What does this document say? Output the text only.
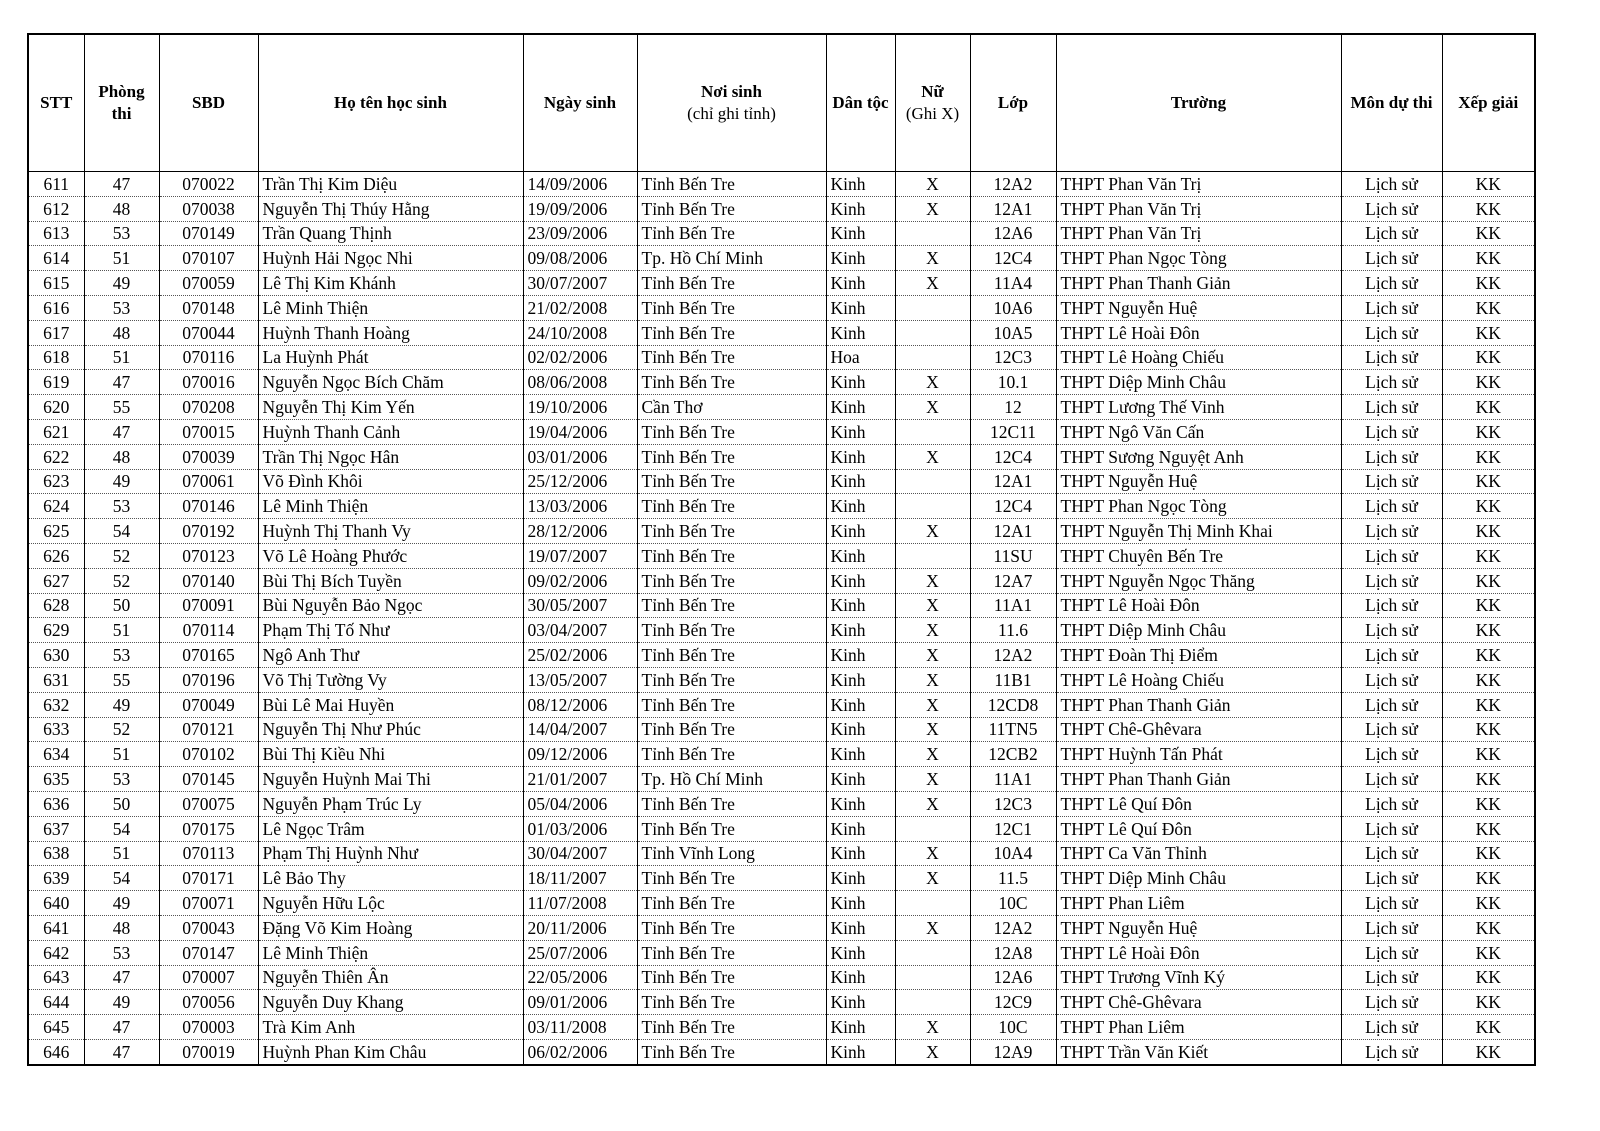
STT	Phòng
thi	SBD	Họ tên học sinh	Ngày sinh	Nơi sinh
(chỉ ghi tỉnh)	Dân tộc	Nữ
(Ghi X)	Lớp	Trường	Môn dự thi	Xếp giải
611	47	070022	Trần Thị Kim Diệu	14/09/2006	Tỉnh Bến Tre	Kinh	X	12A2	THPT Phan Văn Trị	Lịch sử	KK
612	48	070038	Nguyễn Thị Thúy Hằng	19/09/2006	Tỉnh Bến Tre	Kinh	X	12A1	THPT Phan Văn Trị	Lịch sử	KK
613	53	070149	Trần Quang Thịnh	23/09/2006	Tỉnh Bến Tre	Kinh		12A6	THPT Phan Văn Trị	Lịch sử	KK
614	51	070107	Huỳnh Hải Ngọc Nhi	09/08/2006	Tp. Hồ Chí Minh	Kinh	X	12C4	THPT Phan Ngọc Tòng	Lịch sử	KK
615	49	070059	Lê Thị Kim Khánh	30/07/2007	Tỉnh Bến Tre	Kinh	X	11A4	THPT Phan Thanh Giản	Lịch sử	KK
616	53	070148	Lê Minh Thiện	21/02/2008	Tỉnh Bến Tre	Kinh		10A6	THPT Nguyễn Huệ	Lịch sử	KK
617	48	070044	Huỳnh Thanh Hoàng	24/10/2008	Tỉnh Bến Tre	Kinh		10A5	THPT Lê Hoài Đôn	Lịch sử	KK
618	51	070116	La Huỳnh Phát	02/02/2006	Tỉnh Bến Tre	Hoa		12C3	THPT Lê Hoàng Chiếu	Lịch sử	KK
619	47	070016	Nguyễn Ngọc Bích Chăm	08/06/2008	Tỉnh Bến Tre	Kinh	X	10.1	THPT Diệp Minh Châu	Lịch sử	KK
620	55	070208	Nguyễn Thị Kim Yến	19/10/2006	Cần Thơ	Kinh	X	12	THPT Lương Thế Vinh	Lịch sử	KK
621	47	070015	Huỳnh Thanh Cảnh	19/04/2006	Tỉnh Bến Tre	Kinh		12C11	THPT Ngô Văn Cấn	Lịch sử	KK
622	48	070039	Trần Thị Ngọc Hân	03/01/2006	Tỉnh Bến Tre	Kinh	X	12C4	THPT Sương Nguyệt Anh	Lịch sử	KK
623	49	070061	Võ Đình Khôi	25/12/2006	Tỉnh Bến Tre	Kinh		12A1	THPT Nguyễn Huệ	Lịch sử	KK
624	53	070146	Lê Minh Thiện	13/03/2006	Tỉnh Bến Tre	Kinh		12C4	THPT Phan Ngọc Tòng	Lịch sử	KK
625	54	070192	Huỳnh Thị Thanh Vy	28/12/2006	Tỉnh Bến Tre	Kinh	X	12A1	THPT Nguyễn Thị Minh Khai	Lịch sử	KK
626	52	070123	Võ Lê Hoàng Phước	19/07/2007	Tỉnh Bến Tre	Kinh		11SU	THPT Chuyên Bến Tre	Lịch sử	KK
627	52	070140	Bùi Thị Bích Tuyền	09/02/2006	Tỉnh Bến Tre	Kinh	X	12A7	THPT Nguyễn Ngọc Thăng	Lịch sử	KK
628	50	070091	Bùi Nguyễn Bảo Ngọc	30/05/2007	Tỉnh Bến Tre	Kinh	X	11A1	THPT Lê Hoài Đôn	Lịch sử	KK
629	51	070114	Phạm Thị Tố Như	03/04/2007	Tỉnh Bến Tre	Kinh	X	11.6	THPT Diệp Minh Châu	Lịch sử	KK
630	53	070165	Ngô Anh Thư	25/02/2006	Tỉnh Bến Tre	Kinh	X	12A2	THPT Đoàn Thị Điểm	Lịch sử	KK
631	55	070196	Võ Thị Tường Vy	13/05/2007	Tỉnh Bến Tre	Kinh	X	11B1	THPT Lê Hoàng Chiếu	Lịch sử	KK
632	49	070049	Bùi Lê Mai Huyền	08/12/2006	Tỉnh Bến Tre	Kinh	X	12CD8	THPT Phan Thanh Giản	Lịch sử	KK
633	52	070121	Nguyễn Thị Như Phúc	14/04/2007	Tỉnh Bến Tre	Kinh	X	11TN5	THPT Chê-Ghêvara	Lịch sử	KK
634	51	070102	Bùi Thị Kiều Nhi	09/12/2006	Tỉnh Bến Tre	Kinh	X	12CB2	THPT Huỳnh Tấn Phát	Lịch sử	KK
635	53	070145	Nguyễn Huỳnh Mai Thi	21/01/2007	Tp. Hồ Chí Minh	Kinh	X	11A1	THPT Phan Thanh Giản	Lịch sử	KK
636	50	070075	Nguyễn Phạm Trúc Ly	05/04/2006	Tỉnh Bến Tre	Kinh	X	12C3	THPT Lê Quí Đôn	Lịch sử	KK
637	54	070175	Lê Ngọc Trâm	01/03/2006	Tỉnh Bến Tre	Kinh		12C1	THPT Lê Quí Đôn	Lịch sử	KK
638	51	070113	Phạm Thị Huỳnh Như	30/04/2007	Tỉnh Vĩnh Long	Kinh	X	10A4	THPT Ca Văn Thỉnh	Lịch sử	KK
639	54	070171	Lê Bảo Thy	18/11/2007	Tỉnh Bến Tre	Kinh	X	11.5	THPT Diệp Minh Châu	Lịch sử	KK
640	49	070071	Nguyễn Hữu Lộc	11/07/2008	Tỉnh Bến Tre	Kinh		10C	THPT Phan Liêm	Lịch sử	KK
641	48	070043	Đặng Võ Kim Hoàng	20/11/2006	Tỉnh Bến Tre	Kinh	X	12A2	THPT Nguyễn Huệ	Lịch sử	KK
642	53	070147	Lê Minh Thiện	25/07/2006	Tỉnh Bến Tre	Kinh		12A8	THPT Lê Hoài Đôn	Lịch sử	KK
643	47	070007	Nguyễn Thiên Ân	22/05/2006	Tỉnh Bến Tre	Kinh		12A6	THPT Trương Vĩnh Ký	Lịch sử	KK
644	49	070056	Nguyễn Duy Khang	09/01/2006	Tỉnh Bến Tre	Kinh		12C9	THPT Chê-Ghêvara	Lịch sử	KK
645	47	070003	Trà Kim Anh	03/11/2008	Tỉnh Bến Tre	Kinh	X	10C	THPT Phan Liêm	Lịch sử	KK
646	47	070019	Huỳnh Phan Kim Châu	06/02/2006	Tỉnh Bến Tre	Kinh	X	12A9	THPT Trần Văn Kiết	Lịch sử	KK
